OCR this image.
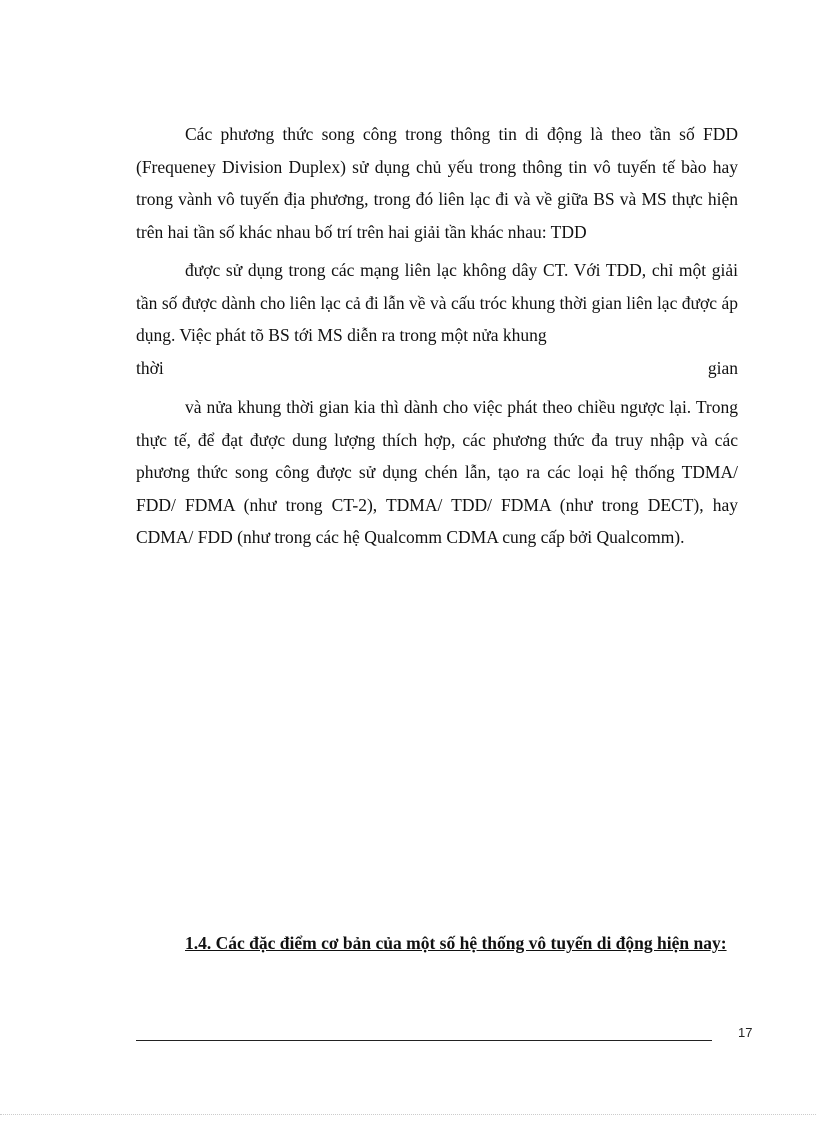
Các phương thức song công trong thông tin di động là theo tần số FDD (Frequeney Division Duplex) sử dụng chủ yếu trong thông tin vô tuyến tế bào hay trong vành vô tuyến địa phương, trong đó liên lạc đi và về giữa BS và MS thực hiện trên hai tần số khác nhau bố trí trên hai giải tần khác nhau: TDD

được sử dụng trong các mạng liên lạc không dây CT. Với TDD, chỉ một giải tần số được dành cho liên lạc cả đi lẫn về và cấu tróc khung thời gian liên lạc được áp dụng. Việc phát tõ BS tới MS diễn ra trong một nửa khung

thời	gian

và nửa khung thời gian kia thì dành cho việc phát theo chiều ngược lại. Trong thực tế, để đạt được dung lượng thích hợp, các phương thức đa truy nhập và các phương thức song công được sử dụng chén lẫn, tạo ra các loại hệ thống TDMA/ FDD/ FDMA (như trong CT-2), TDMA/ TDD/ FDMA (như trong DECT), hay CDMA/ FDD (như trong các hệ Qualcomm CDMA cung cấp bởi Qualcomm).

1.4. Các đặc điểm cơ bản của một số hệ thống vô tuyến di động hiện nay:

17
